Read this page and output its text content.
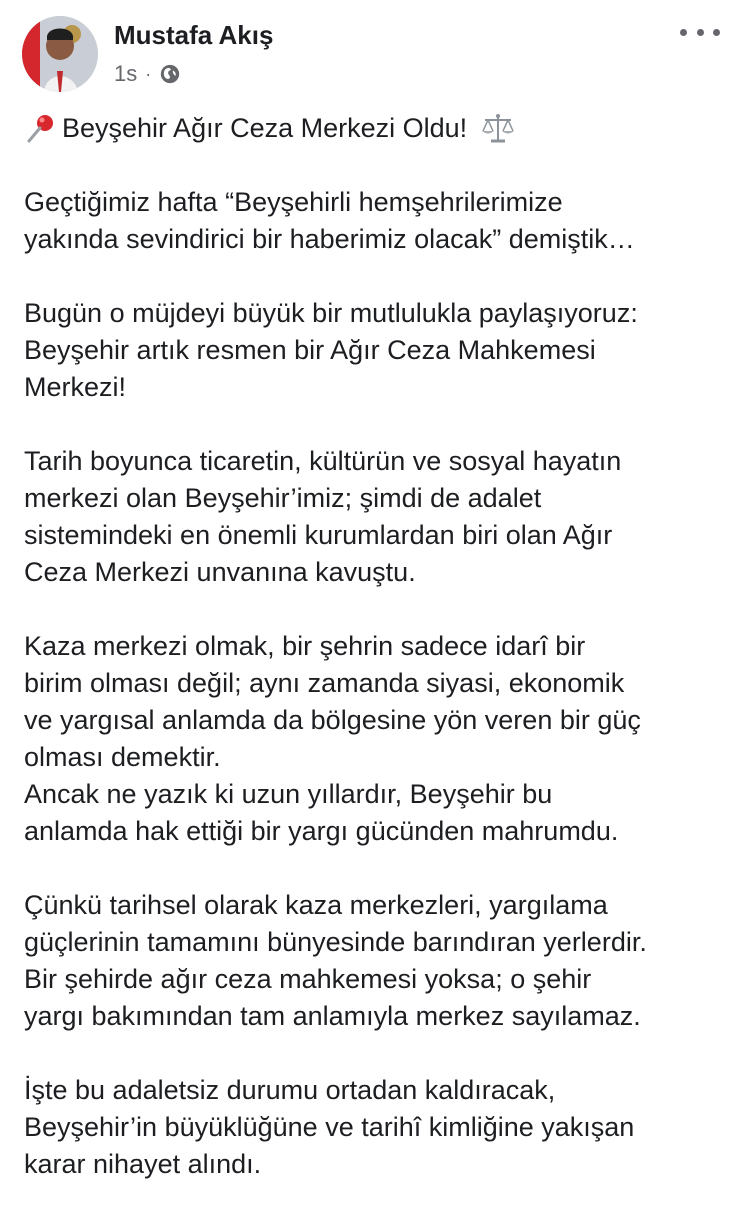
Mustafa Akış
1s ·
Beyşehir Ağır Ceza Merkezi Oldu!

Geçtiğimiz hafta “Beyşehirli hemşehrilerimize
yakında sevindirici bir haberimiz olacak” demiştik…

Bugün o müjdeyi büyük bir mutlulukla paylaşıyoruz:
Beyşehir artık resmen bir Ağır Ceza Mahkemesi
Merkezi!

Tarih boyunca ticaretin, kültürün ve sosyal hayatın
merkezi olan Beyşehir’imiz; şimdi de adalet
sistemindeki en önemli kurumlardan biri olan Ağır
Ceza Merkezi unvanına kavuştu.

Kaza merkezi olmak, bir şehrin sadece idarî bir
birim olması değil; aynı zamanda siyasi, ekonomik
ve yargısal anlamda da bölgesine yön veren bir güç
olması demektir.
Ancak ne yazık ki uzun yıllardır, Beyşehir bu
anlamda hak ettiği bir yargı gücünden mahrumdu.

Çünkü tarihsel olarak kaza merkezleri, yargılama
güçlerinin tamamını bünyesinde barındıran yerlerdir.
Bir şehirde ağır ceza mahkemesi yoksa; o şehir
yargı bakımından tam anlamıyla merkez sayılamaz.

İşte bu adaletsiz durumu ortadan kaldıracak,
Beyşehir’in büyüklüğüne ve tarihî kimliğine yakışan
karar nihayet alındı.
